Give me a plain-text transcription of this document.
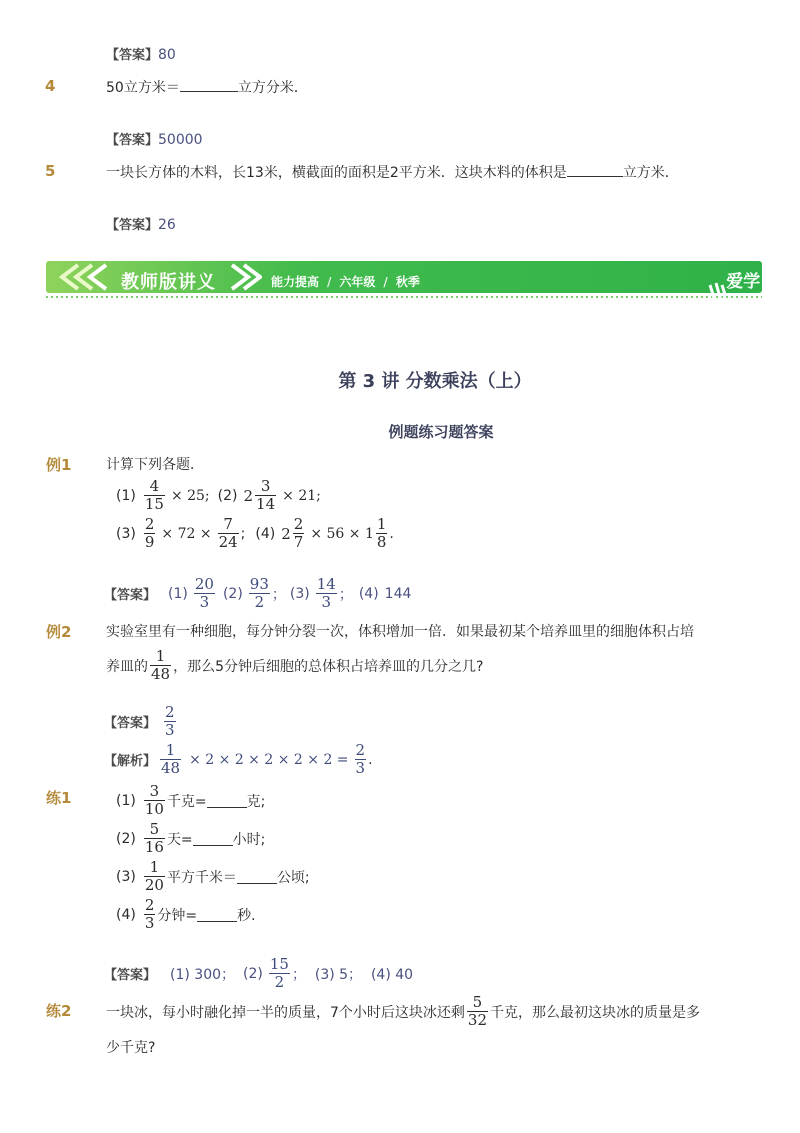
【答案】80
4	50立方米＝	立方分米．
【答案】50000
5	一块长方体的木料，长13米，横截面的面积是2平方米．这块木料的体积是	立方米．
【答案】26
教师版讲义	能力提高 / 六年级 / 秋季	爱学习
第 3 讲 分数乘法（上）
例题练习题答案
例1 计算下列各题．
$(1) \frac{4}{15} \times 25$; (2) $2 \frac{3}{14} \times 21$;
$(3) \frac{2}{9} \times 72 \times \frac{7}{24}$ ; (4) $2 \frac{2}{7} \times 56 \times 1 \frac{1}{8}$ .
【答案】 $(1) \frac{20}{3} (2) \frac{93}{2}$ ； $(3) \frac{14}{3}$ ； (4) 144
例2 实验室里有一种细胞，每分钟分裂一次，体积增加一倍．如果最初某个培养皿里的细胞体积占培
养皿的 $\frac{1}{48}$ ，那么5分钟后细胞的总体积占培养皿的几分之几?
【答案】 $\frac{2}{3}$
【解析】 $\frac{1}{48} \times 2 \times 2 \times 2 \times 2 \times 2 = \frac{2}{3}$ .
练1	$(1) \frac{3}{10}$ 千克=	克;
$(2) \frac{5}{16}$ 天=	小时;
$(3) \frac{1}{20}$ 平方千米＝	公顷;
$(4) \frac{2}{3}$ 分钟=	秒.
【答案】 (1) 300； $(2) \frac{15}{2}$ ；  (3) 5；  (4) 40
练2 一块冰，每小时融化掉一半的质量，7个小时后这块冰还剩 $\frac{5}{32}$ 千克，那么最初这块冰的质量是多
少千克?
